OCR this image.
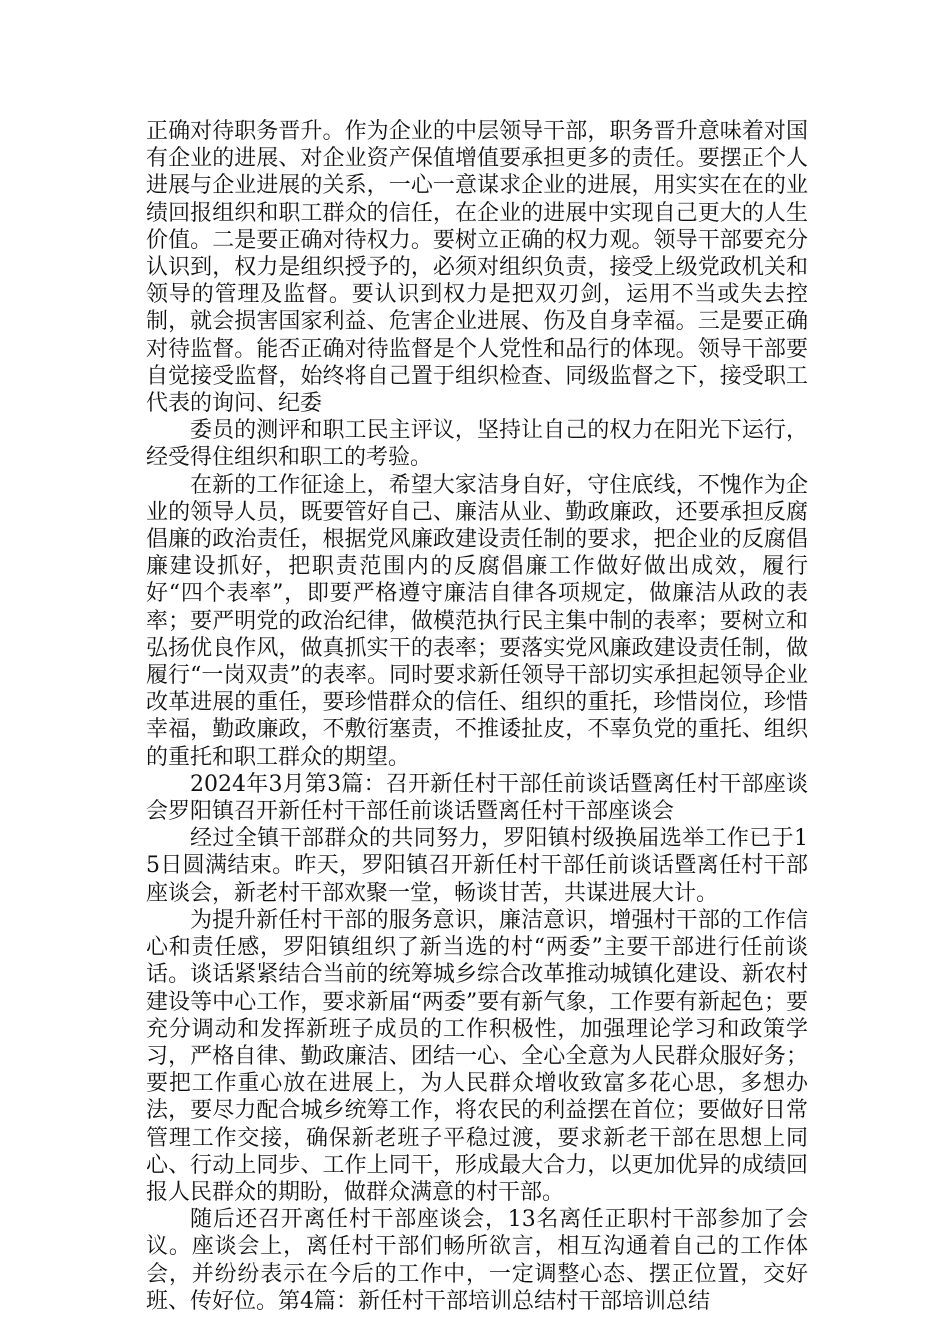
正确对待职务晋升。作为企业的中层领导干部，职务晋升意味着对国有企业的进展、对企业资产保值增值要承担更多的责任。要摆正个人进展与企业进展的关系，一心一意谋求企业的进展，用实实在在的业绩回报组织和职工群众的信任，在企业的进展中实现自己更大的人生价值。二是要正确对待权力。要树立正确的权力观。领导干部要充分认识到，权力是组织授予的，必须对组织负责，接受上级党政机关和领导的管理及监督。要认识到权力是把双刃剑，运用不当或失去控制，就会损害国家利益、危害企业进展、伤及自身幸福。三是要正确对待监督。能否正确对待监督是个人党性和品行的体现。领导干部要自觉接受监督，始终将自己置于组织检查、同级监督之下，接受职工代表的询问、纪委

委员的测评和职工民主评议，坚持让自己的权力在阳光下运行，经受得住组织和职工的考验。

在新的工作征途上，希望大家洁身自好，守住底线，不愧作为企业的领导人员，既要管好自己、廉洁从业、勤政廉政，还要承担反腐倡廉的政治责任，根据党风廉政建设责任制的要求，把企业的反腐倡廉建设抓好，把职责范围内的反腐倡廉工作做好做出成效，履行好“四个表率”，即要严格遵守廉洁自律各项规定，做廉洁从政的表率；要严明党的政治纪律，做模范执行民主集中制的表率；要树立和弘扬优良作风，做真抓实干的表率；要落实党风廉政建设责任制，做履行“一岗双责”的表率。同时要求新任领导干部切实承担起领导企业改革进展的重任，要珍惜群众的信任、组织的重托，珍惜岗位，珍惜幸福，勤政廉政，不敷衍塞责，不推诿扯皮，不辜负党的重托、组织的重托和职工群众的期望。

2024年3月第3篇：召开新任村干部任前谈话暨离任村干部座谈会罗阳镇召开新任村干部任前谈话暨离任村干部座谈会

经过全镇干部群众的共同努力，罗阳镇村级换届选举工作已于15日圆满结束。昨天，罗阳镇召开新任村干部任前谈话暨离任村干部座谈会，新老村干部欢聚一堂，畅谈甘苦，共谋进展大计。

为提升新任村干部的服务意识，廉洁意识，增强村干部的工作信心和责任感，罗阳镇组织了新当选的村“两委”主要干部进行任前谈话。谈话紧紧结合当前的统筹城乡综合改革推动城镇化建设、新农村建设等中心工作，要求新届“两委”要有新气象，工作要有新起色；要充分调动和发挥新班子成员的工作积极性，加强理论学习和政策学习，严格自律、勤政廉洁、团结一心、全心全意为人民群众服好务；要把工作重心放在进展上，为人民群众增收致富多花心思，多想办法，要尽力配合城乡统筹工作，将农民的利益摆在首位；要做好日常管理工作交接，确保新老班子平稳过渡，要求新老干部在思想上同心、行动上同步、工作上同干，形成最大合力，以更加优异的成绩回报人民群众的期盼，做群众满意的村干部。

随后还召开离任村干部座谈会，13名离任正职村干部参加了会议。座谈会上，离任村干部们畅所欲言，相互沟通着自己的工作体会，并纷纷表示在今后的工作中，一定调整心态、摆正位置，交好班、传好位。第4篇：新任村干部培训总结村干部培训总结
